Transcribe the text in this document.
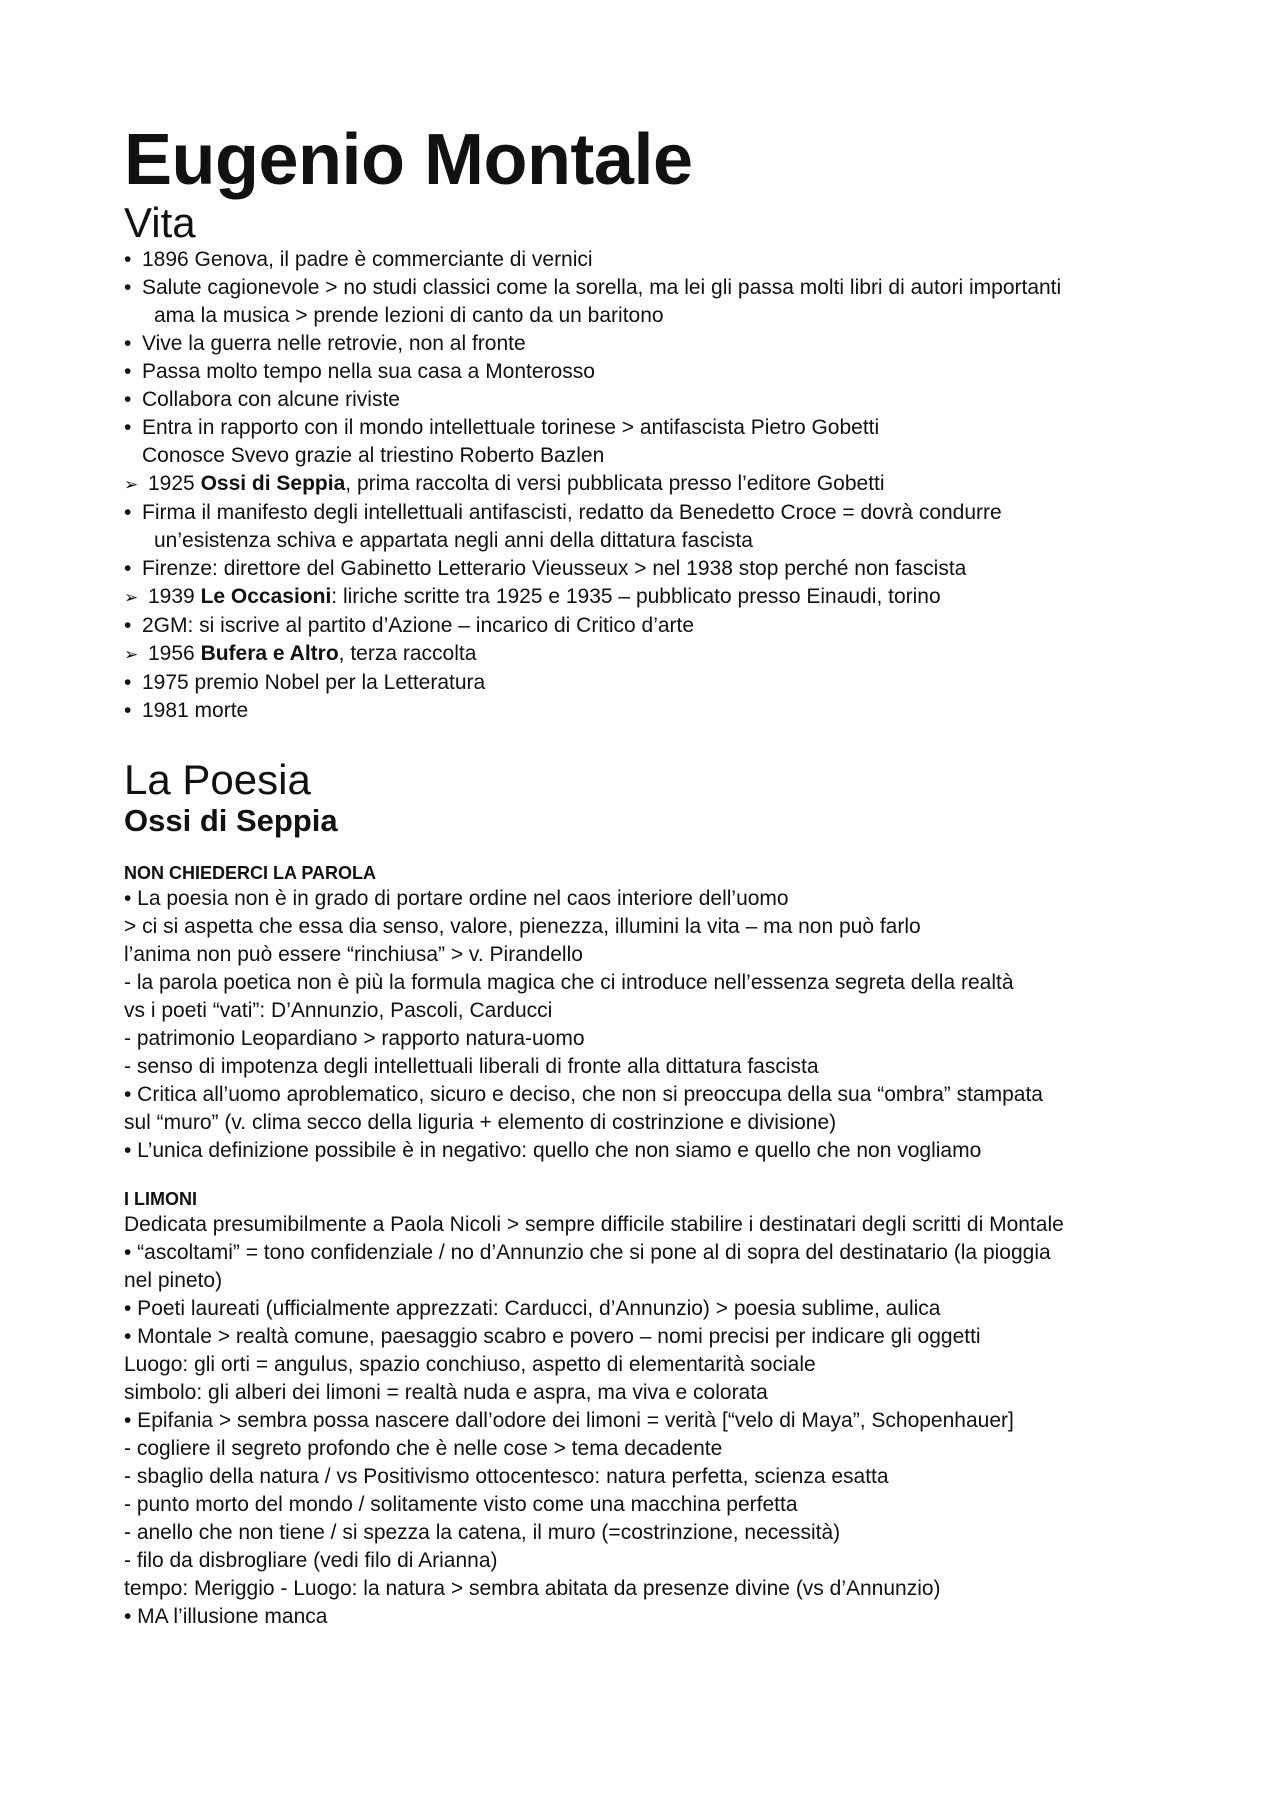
Eugenio Montale
Vita
• 1896 Genova, il padre è commerciante di vernici
• Salute cagionevole > no studi classici come la sorella, ma lei gli passa molti libri di autori importanti
ama la musica > prende lezioni di canto da un baritono
• Vive la guerra nelle retrovie, non al fronte
• Passa molto tempo nella sua casa a Monterosso
• Collabora con alcune riviste
• Entra in rapporto con il mondo intellettuale torinese > antifascista Pietro Gobetti
Conosce Svevo grazie al triestino Roberto Bazlen
➢ 1925 Ossi di Seppia, prima raccolta di versi pubblicata presso l’editore Gobetti
• Firma il manifesto degli intellettuali antifascisti, redatto da Benedetto Croce = dovrà condurre
un’esistenza schiva e appartata negli anni della dittatura fascista
• Firenze: direttore del Gabinetto Letterario Vieusseux > nel 1938 stop perché non fascista
➢ 1939 Le Occasioni: liriche scritte tra 1925 e 1935 – pubblicato presso Einaudi, torino
• 2GM: si iscrive al partito d’Azione – incarico di Critico d’arte
➢ 1956 Bufera e Altro, terza raccolta
• 1975 premio Nobel per la Letteratura
• 1981 morte
La Poesia
Ossi di Seppia
NON CHIEDERCI LA PAROLA
• La poesia non è in grado di portare ordine nel caos interiore dell’uomo
> ci si aspetta che essa dia senso, valore, pienezza, illumini la vita – ma non può farlo
l’anima non può essere “rinchiusa” > v. Pirandello
- la parola poetica non è più la formula magica che ci introduce nell’essenza segreta della realtà
vs i poeti “vati”: D’Annunzio, Pascoli, Carducci
- patrimonio Leopardiano > rapporto natura-uomo
- senso di impotenza degli intellettuali liberali di fronte alla dittatura fascista
• Critica all’uomo aproblematico, sicuro e deciso, che non si preoccupa della sua “ombra” stampata
sul “muro” (v. clima secco della liguria + elemento di costrinzione e divisione)
• L’unica definizione possibile è in negativo: quello che non siamo e quello che non vogliamo
I LIMONI
Dedicata presumibilmente a Paola Nicoli > sempre difficile stabilire i destinatari degli scritti di Montale
• “ascoltami” = tono confidenziale / no d’Annunzio che si pone al di sopra del destinatario (la pioggia
nel pineto)
• Poeti laureati (ufficialmente apprezzati: Carducci, d’Annunzio) > poesia sublime, aulica
• Montale > realtà comune, paesaggio scabro e povero – nomi precisi per indicare gli oggetti
Luogo: gli orti = angulus, spazio conchiuso, aspetto di elementarità sociale
simbolo: gli alberi dei limoni = realtà nuda e aspra, ma viva e colorata
• Epifania > sembra possa nascere dall’odore dei limoni = verità [“velo di Maya”, Schopenhauer]
- cogliere il segreto profondo che è nelle cose > tema decadente
- sbaglio della natura / vs Positivismo ottocentesco: natura perfetta, scienza esatta
- punto morto del mondo / solitamente visto come una macchina perfetta
- anello che non tiene / si spezza la catena, il muro (=costrinzione, necessità)
- filo da disbrogliare (vedi filo di Arianna)
tempo: Meriggio - Luogo: la natura > sembra abitata da presenze divine (vs d’Annunzio)
• MA l’illusione manca
